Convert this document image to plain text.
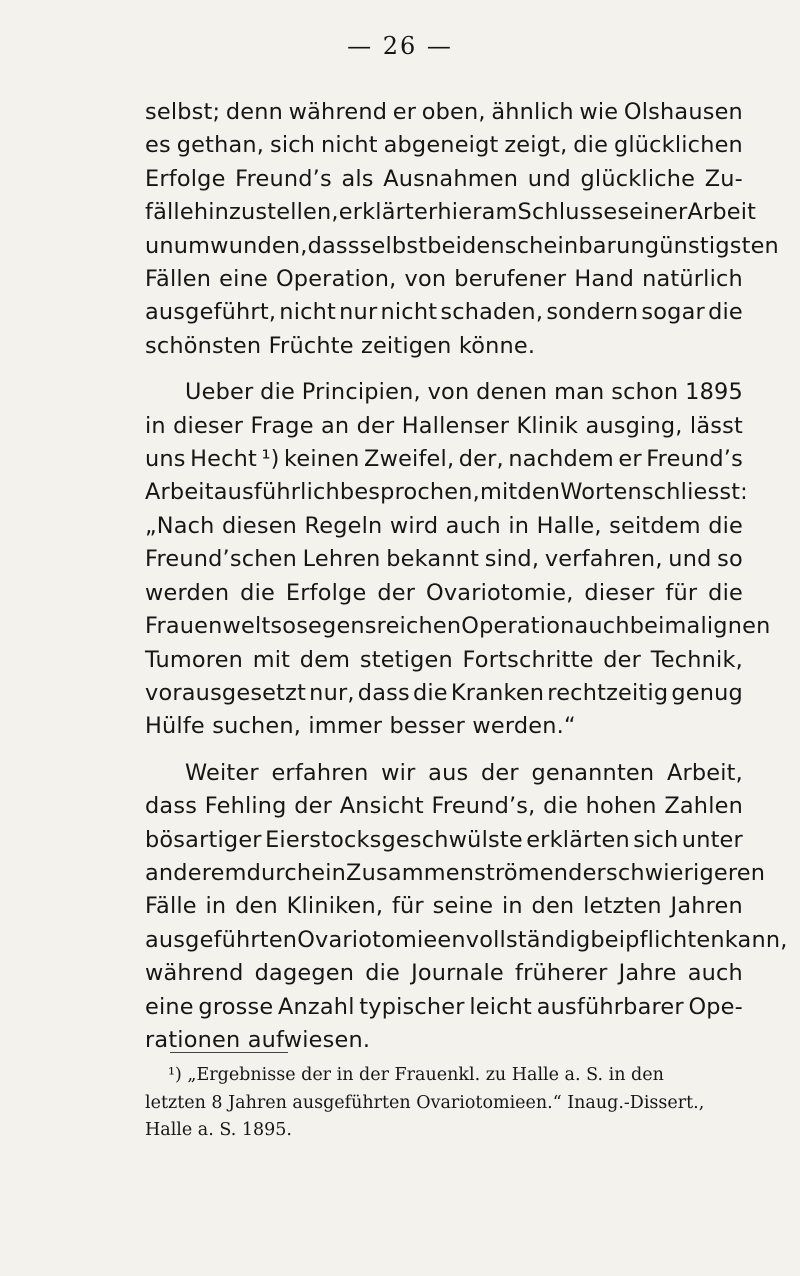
— 26 —
selbst; denn während er oben, ähnlich wie Olshausen
es gethan, sich nicht abgeneigt zeigt, die glücklichen
Erfolge Freund’s als Ausnahmen und glückliche Zu-
fälle hinzustellen, erklärt er hier am Schlusse seiner Arbeit
unumwunden, dass selbst bei den scheinbar ungünstigsten
Fällen eine Operation, von berufener Hand natürlich
ausgeführt, nicht nur nicht schaden, sondern sogar die
schönsten Früchte zeitigen könne.
Ueber die Principien, von denen man schon 1895
in dieser Frage an der Hallenser Klinik ausging, lässt
uns Hecht ¹) keinen Zweifel, der, nachdem er Freund’s
Arbeit ausführlich besprochen, mit den Worten schliesst:
„Nach diesen Regeln wird auch in Halle, seitdem die
Freund’schen Lehren bekannt sind, verfahren, und so
werden die Erfolge der Ovariotomie, dieser für die
Frauenwelt so segensreichen Operation auch bei malignen
Tumoren mit dem stetigen Fortschritte der Technik,
vorausgesetzt nur, dass die Kranken rechtzeitig genug
Hülfe suchen, immer besser werden.“
Weiter erfahren wir aus der genannten Arbeit,
dass Fehling der Ansicht Freund’s, die hohen Zahlen
bösartiger Eierstocksgeschwülste erklärten sich unter
anderem durch ein Zusammenströmen der schwierigeren
Fälle in den Kliniken, für seine in den letzten Jahren
ausgeführten Ovariotomieen vollständig beipflichten kann,
während dagegen die Journale früherer Jahre auch
eine grosse Anzahl typischer leicht ausführbarer Ope-
rationen aufwiesen.
¹) „Ergebnisse der in der Frauenkl. zu Halle a. S. in den
letzten 8 Jahren ausgeführten Ovariotomieen.“ Inaug.-Dissert.,
Halle a. S. 1895.
